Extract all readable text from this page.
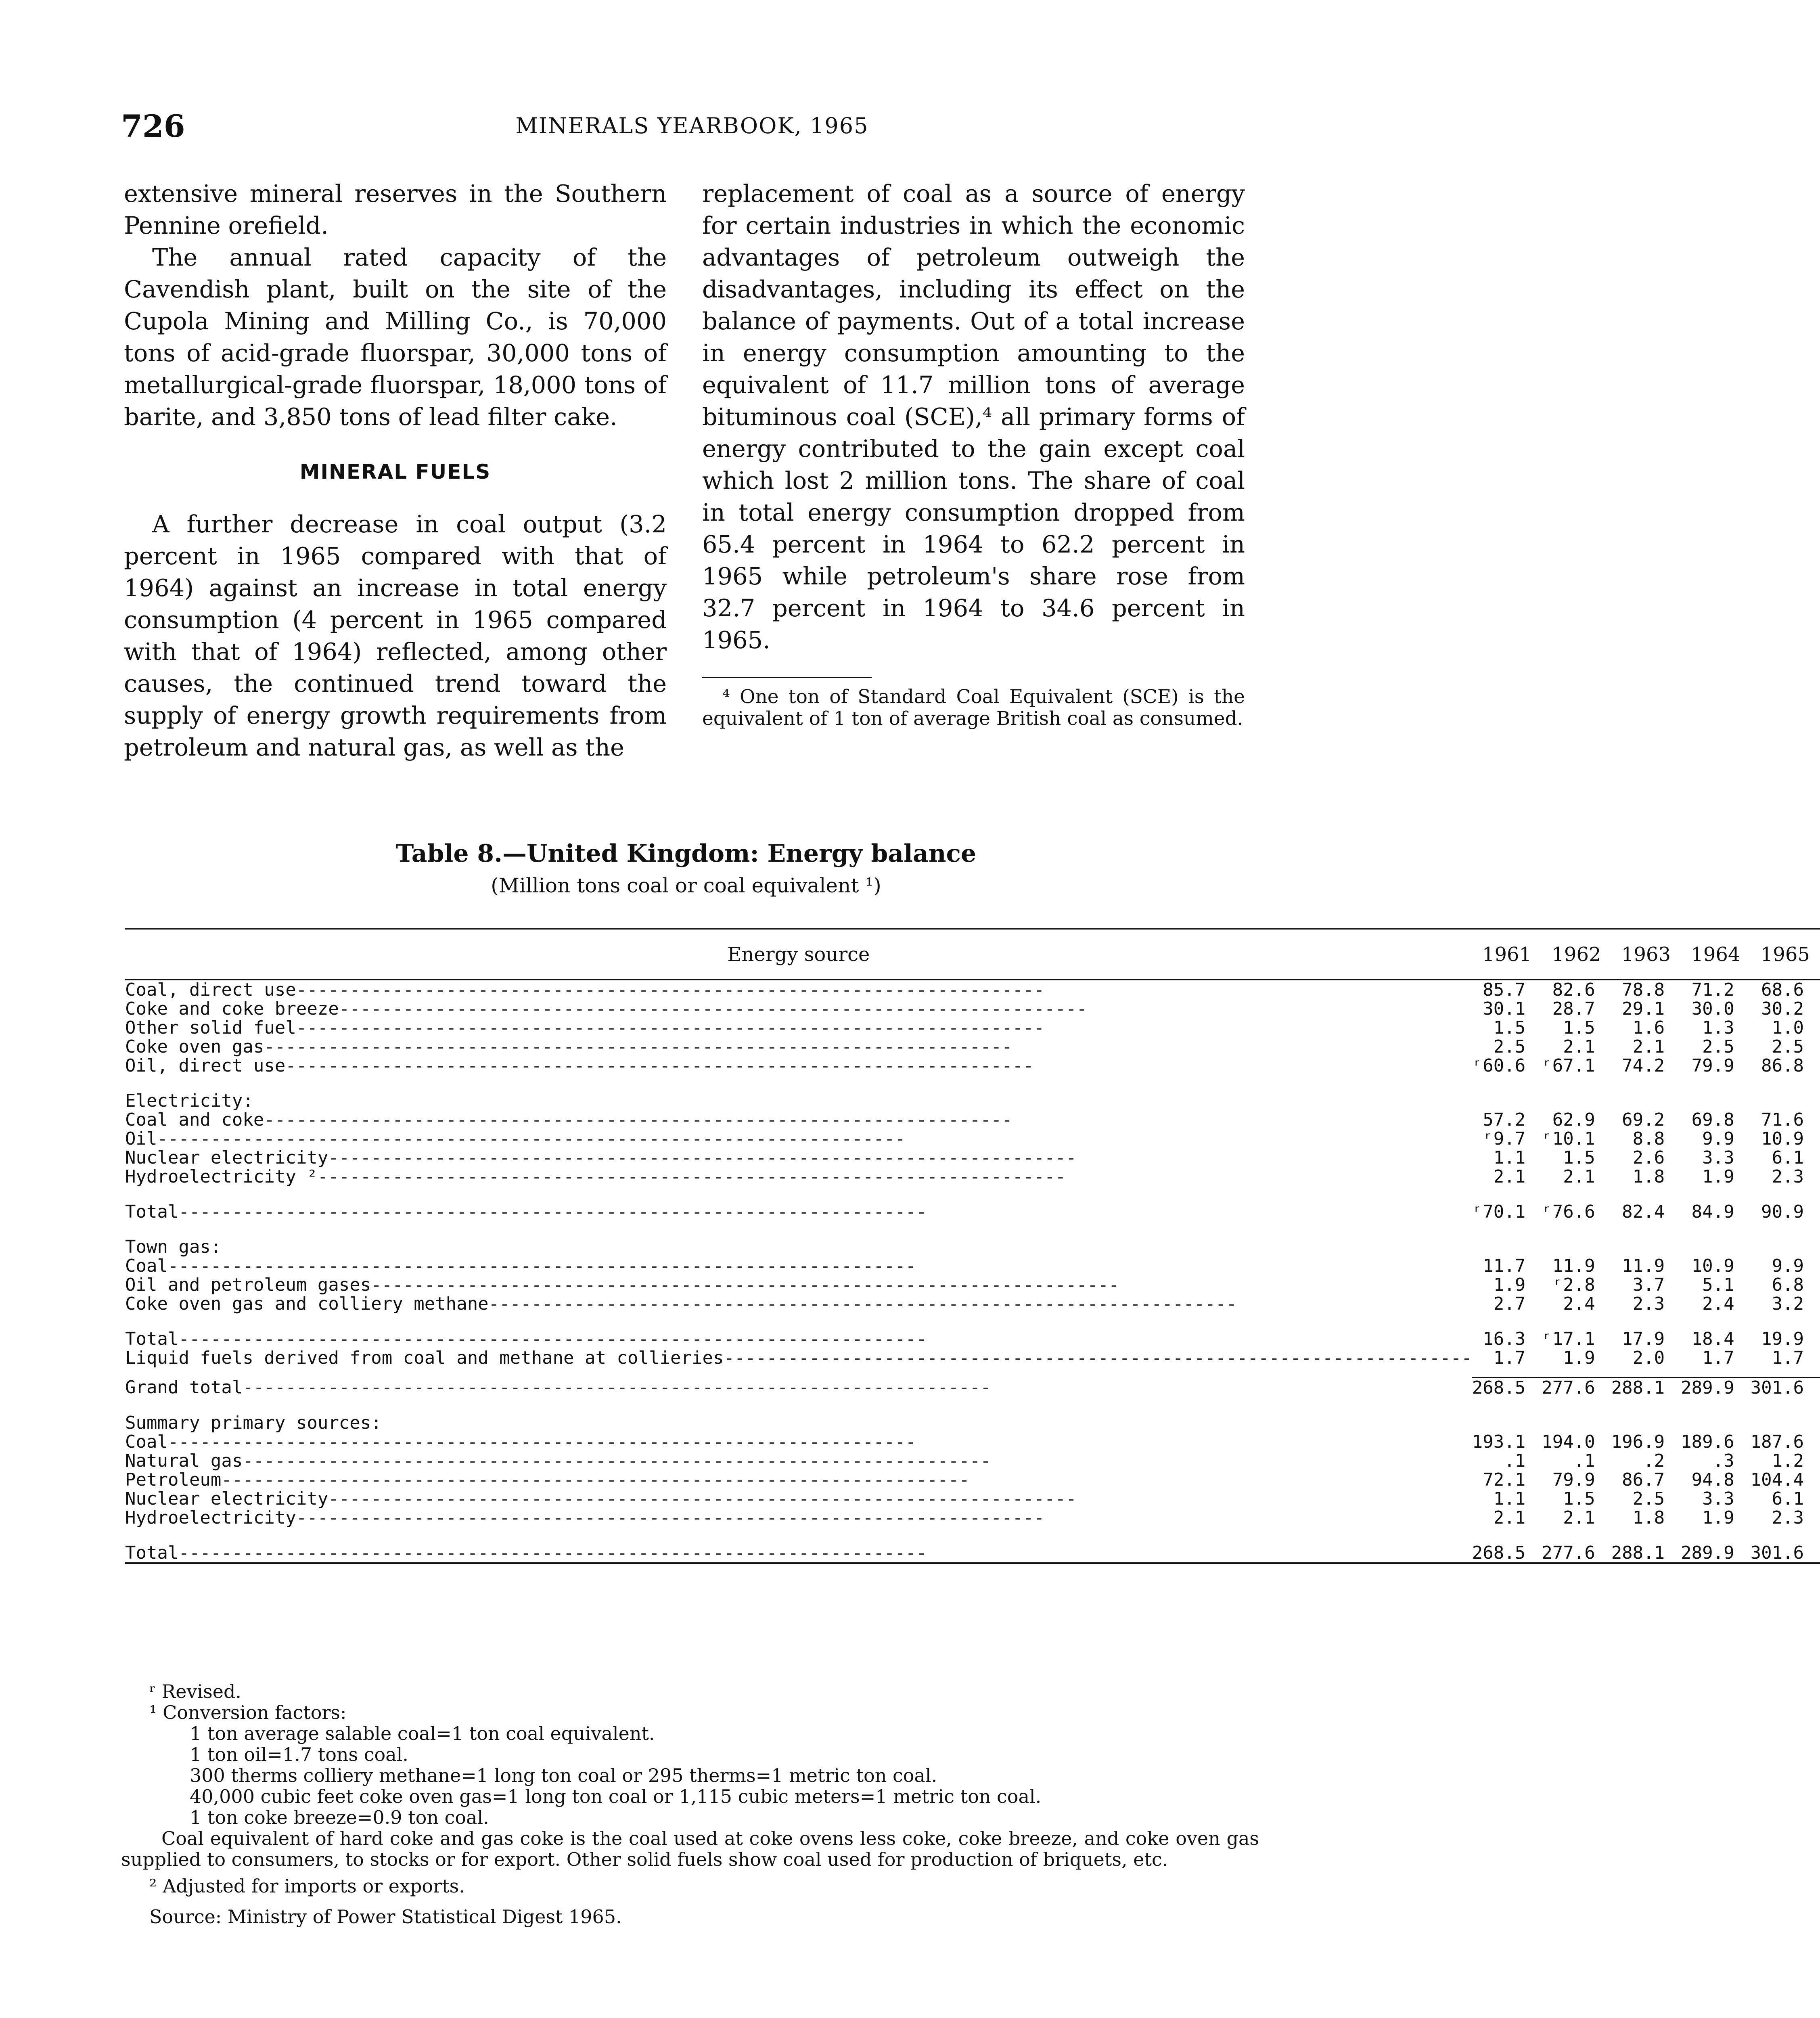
726	MINERALS YEARBOOK, 1965

extensive mineral reserves in the Southern Pennine orefield.

The annual rated capacity of the Cavendish plant, built on the site of the Cupola Mining and Milling Co., is 70,000 tons of acid-grade fluorspar, 30,000 tons of metallurgical-grade fluorspar, 18,000 tons of barite, and 3,850 tons of lead filter cake.

MINERAL FUELS

A further decrease in coal output (3.2 percent in 1965 compared with that of 1964) against an increase in total energy consumption (4 percent in 1965 compared with that of 1964) reflected, among other causes, the continued trend toward the supply of energy growth requirements from petroleum and natural gas, as well as the

replacement of coal as a source of energy for certain industries in which the economic advantages of petroleum outweigh the disadvantages, including its effect on the balance of payments. Out of a total increase in energy consumption amounting to the equivalent of 11.7 million tons of average bituminous coal (SCE),⁴ all primary forms of energy contributed to the gain except coal which lost 2 million tons. The share of coal in total energy consumption dropped from 65.4 percent in 1964 to 62.2 percent in 1965 while petroleum's share rose from 32.7 percent in 1964 to 34.6 percent in 1965.

⁴ One ton of Standard Coal Equivalent (SCE) is the equivalent of 1 ton of average British coal as consumed.

Table 8.—United Kingdom: Energy balance
(Million tons coal or coal equivalent ¹)
Energy source	1961	1962	1963	1964	1965
Coal, direct use----------------------------------------------------------------------	85.7	82.6	78.8	71.2	68.6
Coke and coke breeze----------------------------------------------------------------------	30.1	28.7	29.1	30.0	30.2
Other solid fuel----------------------------------------------------------------------	1.5	1.5	1.6	1.3	1.0
Coke oven gas----------------------------------------------------------------------	2.5	2.1	2.1	2.5	2.5
Oil, direct use----------------------------------------------------------------------	ʳ60.6	ʳ67.1	74.2	79.9	86.8

Electricity:					
Coal and coke----------------------------------------------------------------------	57.2	62.9	69.2	69.8	71.6
Oil----------------------------------------------------------------------	ʳ9.7	ʳ10.1	8.8	9.9	10.9
Nuclear electricity----------------------------------------------------------------------	1.1	1.5	2.6	3.3	6.1
Hydroelectricity ²----------------------------------------------------------------------	2.1	2.1	1.8	1.9	2.3

Total----------------------------------------------------------------------	ʳ70.1	ʳ76.6	82.4	84.9	90.9

Town gas:					
Coal----------------------------------------------------------------------	11.7	11.9	11.9	10.9	9.9
Oil and petroleum gases----------------------------------------------------------------------	1.9	ʳ2.8	3.7	5.1	6.8
Coke oven gas and colliery methane----------------------------------------------------------------------	2.7	2.4	2.3	2.4	3.2

Total----------------------------------------------------------------------	16.3	ʳ17.1	17.9	18.4	19.9
Liquid fuels derived from coal and methane at collieries----------------------------------------------------------------------	1.7	1.9	2.0	1.7	1.7

Grand total----------------------------------------------------------------------	268.5	277.6	288.1	289.9	301.6

Summary primary sources:					
Coal----------------------------------------------------------------------	193.1	194.0	196.9	189.6	187.6
Natural gas----------------------------------------------------------------------	.1	.1	.2	.3	1.2
Petroleum----------------------------------------------------------------------	72.1	79.9	86.7	94.8	104.4
Nuclear electricity----------------------------------------------------------------------	1.1	1.5	2.5	3.3	6.1
Hydroelectricity----------------------------------------------------------------------	2.1	2.1	1.8	1.9	2.3

Total----------------------------------------------------------------------	268.5	277.6	288.1	289.9	301.6

ʳ Revised.

¹ Conversion factors:

1 ton average salable coal=1 ton coal equivalent.

1 ton oil=1.7 tons coal.

300 therms colliery methane=1 long ton coal or 295 therms=1 metric ton coal.

40,000 cubic feet coke oven gas=1 long ton coal or 1,115 cubic meters=1 metric ton coal.

1 ton coke breeze=0.9 ton coal.

Coal equivalent of hard coke and gas coke is the coal used at coke ovens less coke, coke breeze, and coke oven gas supplied to consumers, to stocks or for export. Other solid fuels show coal used for production of briquets, etc.

² Adjusted for imports or exports.

Source: Ministry of Power Statistical Digest 1965.
